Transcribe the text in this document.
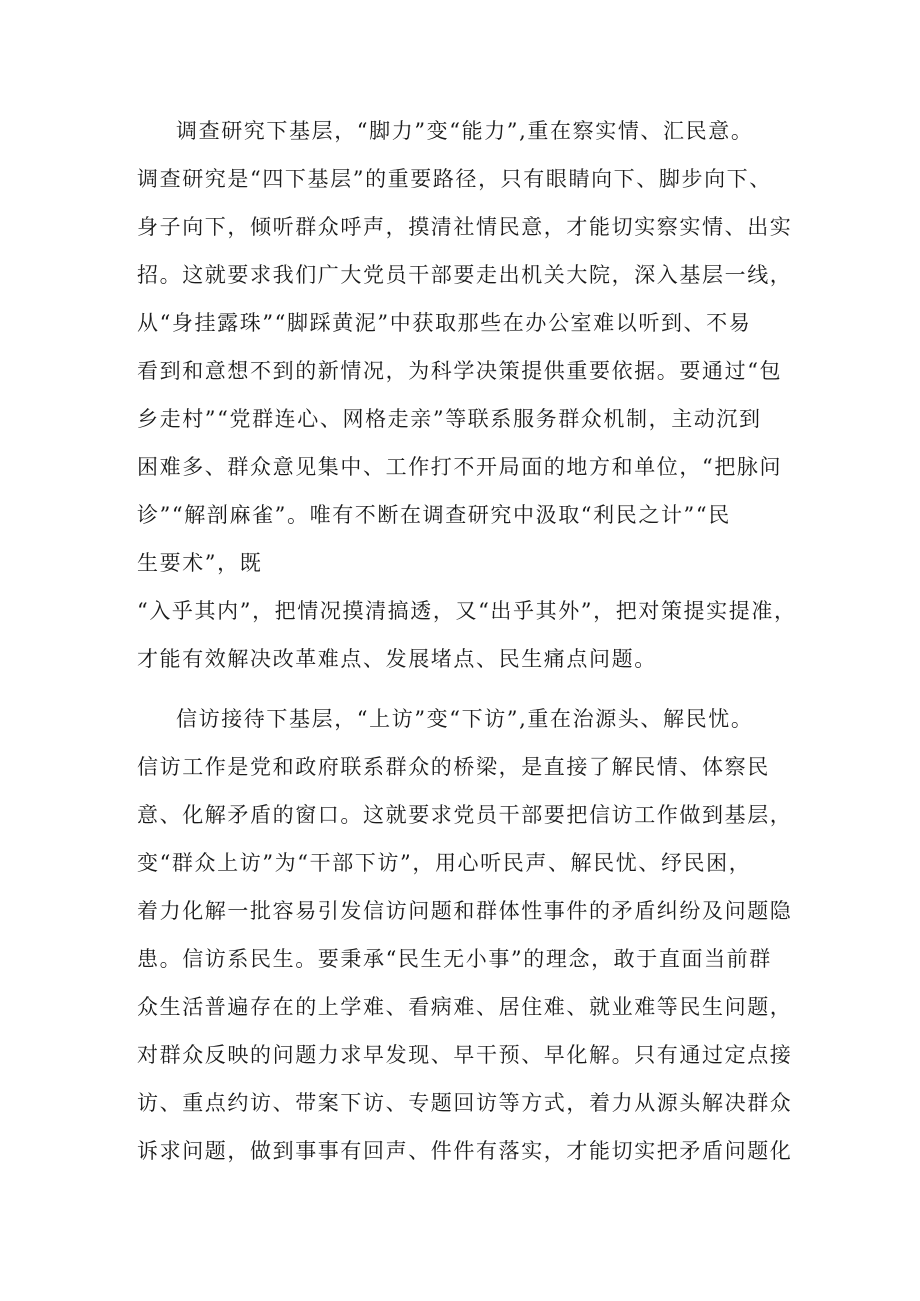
调查研究下基层，“脚力”变“能力”,重在察实情、汇民意。
调查研究是“四下基层”的重要路径，只有眼睛向下、脚步向下、
身子向下，倾听群众呼声，摸清社情民意，才能切实察实情、出实
招。这就要求我们广大党员干部要走出机关大院，深入基层一线，
从“身挂露珠”“脚踩黄泥”中获取那些在办公室难以听到、不易
看到和意想不到的新情况，为科学决策提供重要依据。要通过“包
乡走村”“党群连心、网格走亲”等联系服务群众机制，主动沉到
困难多、群众意见集中、工作打不开局面的地方和单位，“把脉问
诊”“解剖麻雀”。唯有不断在调查研究中汲取“利民之计”“民
生要术”，既
“入乎其内”，把情况摸清搞透，又“出乎其外”，把对策提实提准，
才能有效解决改革难点、发展堵点、民生痛点问题。
信访接待下基层，“上访”变“下访”,重在治源头、解民忧。
信访工作是党和政府联系群众的桥梁，是直接了解民情、体察民
意、化解矛盾的窗口。这就要求党员干部要把信访工作做到基层，
变“群众上访”为“干部下访”，用心听民声、解民忧、纾民困，
着力化解一批容易引发信访问题和群体性事件的矛盾纠纷及问题隐
患。信访系民生。要秉承“民生无小事”的理念，敢于直面当前群
众生活普遍存在的上学难、看病难、居住难、就业难等民生问题，
对群众反映的问题力求早发现、早干预、早化解。只有通过定点接
访、重点约访、带案下访、专题回访等方式，着力从源头解决群众
诉求问题，做到事事有回声、件件有落实，才能切实把矛盾问题化
